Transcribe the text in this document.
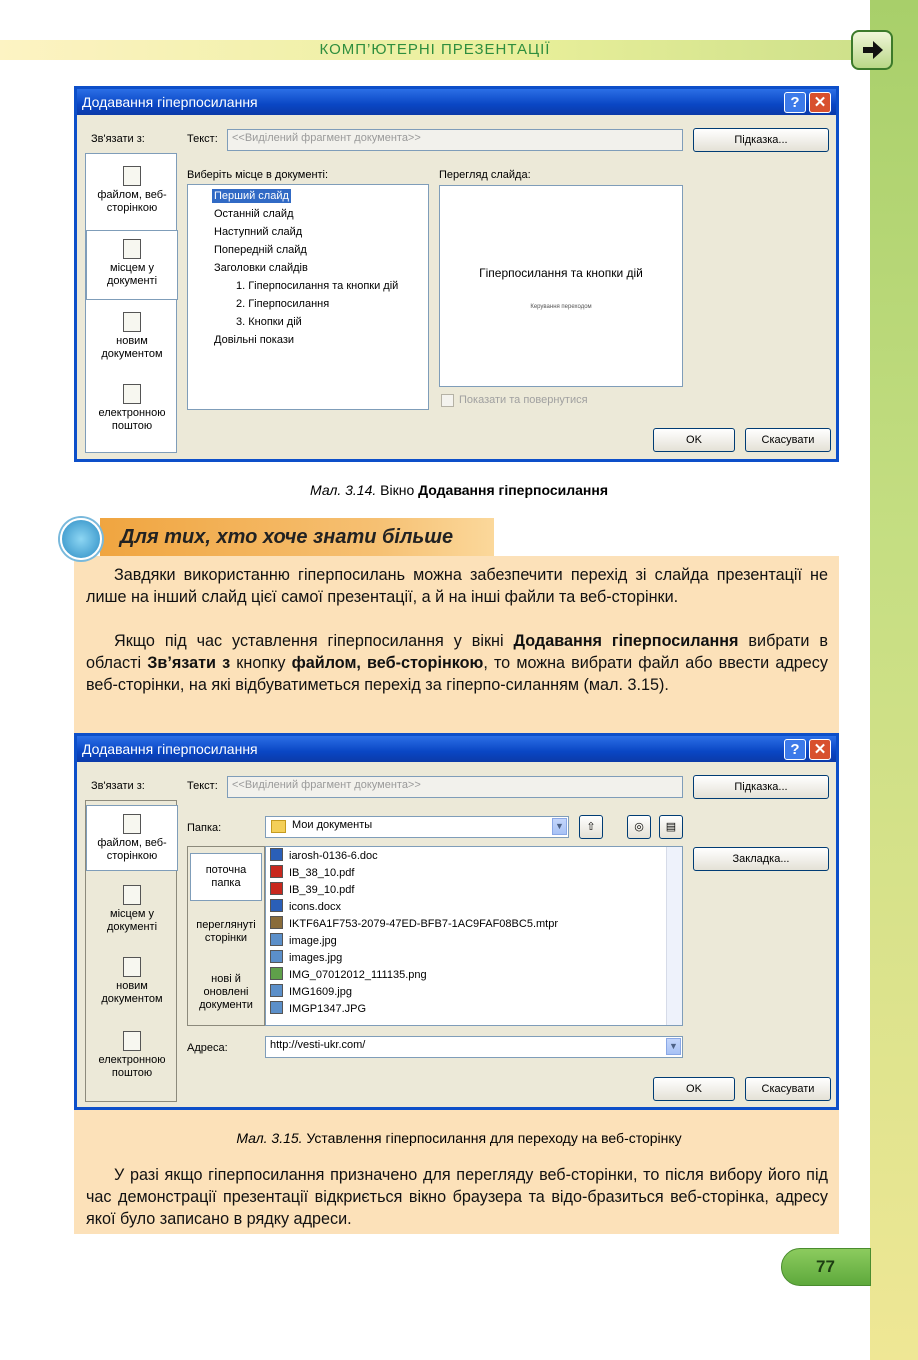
КОМП’ЮТЕРНІ ПРЕЗЕНТАЦІЇ
Додавання гіперпосилання	? ✕
Зв'язати з:	Текст:	<<Виділений фрагмент документа>>	Підказка...
файлом, веб-сторінкою
місцем у документі
новим документом
електронною поштою
Виберіть місце в документі:
Перший слайд
Останній слайд
Наступний слайд
Попередній слайд
Заголовки слайдів
1. Гіперпосилання та кнопки дій
2. Гіперпосилання
3. Кнопки дій
Довільні покази
Перегляд слайда:
Гіперпосилання та кнопки дій
Керування переходом
Показати та повернутися
OK	Скасувати
Мал. 3.14. Вікно Додавання гіперпосилання
Для тих, хто хоче знати більше
Завдяки використанню гіперпосилань можна забезпечити перехід зі слайда презентації не лише на інший слайд цієї самої презентації, а й на інші файли та веб-сторінки.
Якщо під час уставлення гіперпосилання у вікні Додавання гіперпосилання вибрати в області Зв’язати з кнопку файлом, веб-сторінкою, то можна вибрати файл або ввести адресу веб-сторінки, на які відбуватиметься перехід за гіперпо-силанням (мал. 3.15).
Додавання гіперпосилання	? ✕
Зв'язати з:	Текст:	<<Виділений фрагмент документа>>	Підказка...
файлом, веб-сторінкою
місцем у документі
новим документом
електронною поштою
Папка:	Мои документы	▼	⇧	◎	▤
Закладка...
поточна папка
переглянуті сторінки
нові й оновлені документи
iarosh-0136-6.doc
IB_38_10.pdf
IB_39_10.pdf
icons.docx
IKTF6A1F753-2079-47ED-BFB7-1AC9FAF08BC5.mtpr
image.jpg
images.jpg
IMG_07012012_111135.png
IMG1609.jpg
IMGP1347.JPG
Адреса:	http://vesti-ukr.com/	▼
OK	Скасувати
Мал. 3.15. Уставлення гіперпосилання для переходу на веб-сторінку
У разі якщо гіперпосилання призначено для перегляду веб-сторінки, то після вибору його під час демонстрації презентації відкриється вікно браузера та відо-бразиться веб-сторінка, адресу якої було записано в рядку адреси.
77
